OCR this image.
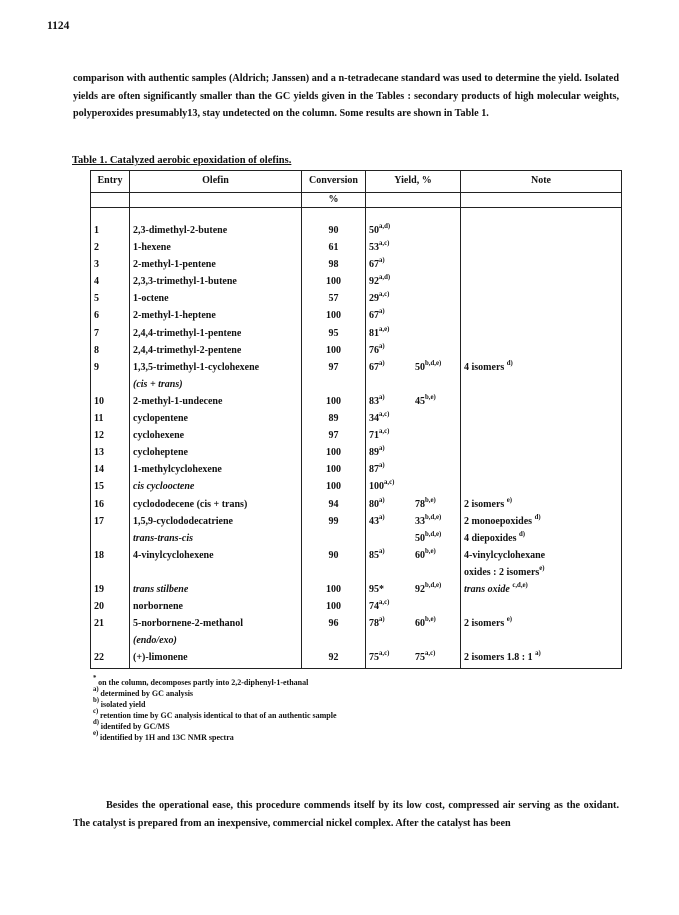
1124
comparison with authentic samples (Aldrich; Janssen) and a n-tetradecane standard was used to determine the yield. Isolated yields are often significantly smaller than the GC yields given in the Tables : secondary products of high molecular weights, polyperoxides presumably13, stay undetected on the column. Some results are shown in Table 1.
Table 1. Catalyzed aerobic epoxidation of olefins.
Entry	Olefin	Conversion	Yield, %	Note
		%		

1	2,3-dimethyl-2-butene	90	50$^{a,d)}$	
2	1-hexene	61	53$^{a,c)}$	
3	2-methyl-1-pentene	98	67$^{a)}$	
4	2,3,3-trimethyl-1-butene	100	92$^{a,d)}$	
5	1-octene	57	29$^{a,c)}$	
6	2-methyl-1-heptene	100	67$^{a)}$	
7	2,4,4-trimethyl-1-pentene	95	81$^{a,e)}$	
8	2,4,4-trimethyl-2-pentene	100	76$^{a)}$	
9	1,3,5-trimethyl-1-cyclohexene	97	67$^{a)}$ 50$^{b,d,e)}$	4 isomers $^{d)}$
	(cis + trans)			
10	2-methyl-1-undecene	100	83$^{a)}$ 45$^{b,e)}$	
11	cyclopentene	89	34$^{a,c)}$	
12	cyclohexene	97	71$^{a,c)}$	
13	cycloheptene	100	89$^{a)}$	
14	1-methylcyclohexene	100	87$^{a)}$	
15	cis cyclooctene	100	100$^{a,c)}$	
16	cyclododecene (cis + trans)	94	80$^{a)}$ 78$^{b,e)}$	2 isomers $^{e)}$
17	1,5,9-cyclododecatriene	99	43$^{a)}$ 33$^{b,d,e)}$	2 monoepoxides $^{d)}$
	trans-trans-cis		50$^{b,d,e)}$	4 diepoxides $^{d)}$
18	4-vinylcyclohexene	90	85$^{a)}$ 60$^{b,e)}$	4-vinylcyclohexane
				oxides : 2 isomers$^{e)}$
19	trans stilbene	100	95* 92$^{b,d,e)}$	trans oxide $^{c,d,e)}$
20	norbornene	100	74$^{a,c)}$	
21	5-norbornene-2-methanol	96	78$^{a)}$ 60$^{b,e)}$	2 isomers $^{e)}$
	(endo/exo)			
22	(+)-limonene	92	75$^{a,c)}$ 75$^{a,c)}$	2 isomers 1.8 : 1 $^{a)}$
* on the column, decomposes partly into 2,2-diphenyl-1-ethanal
$^{a)}$ determined by GC analysis
$^{b)}$ isolated yield
$^{c)}$ retention time by GC analysis identical to that of an authentic sample
$^{d)}$ identifed by GC/MS
$^{e)}$ identified by 1H and 13C NMR spectra
Besides the operational ease, this procedure commends itself by its low cost, compressed air serving as the oxidant. The catalyst is prepared from an inexpensive, commercial nickel complex. After the catalyst has been
